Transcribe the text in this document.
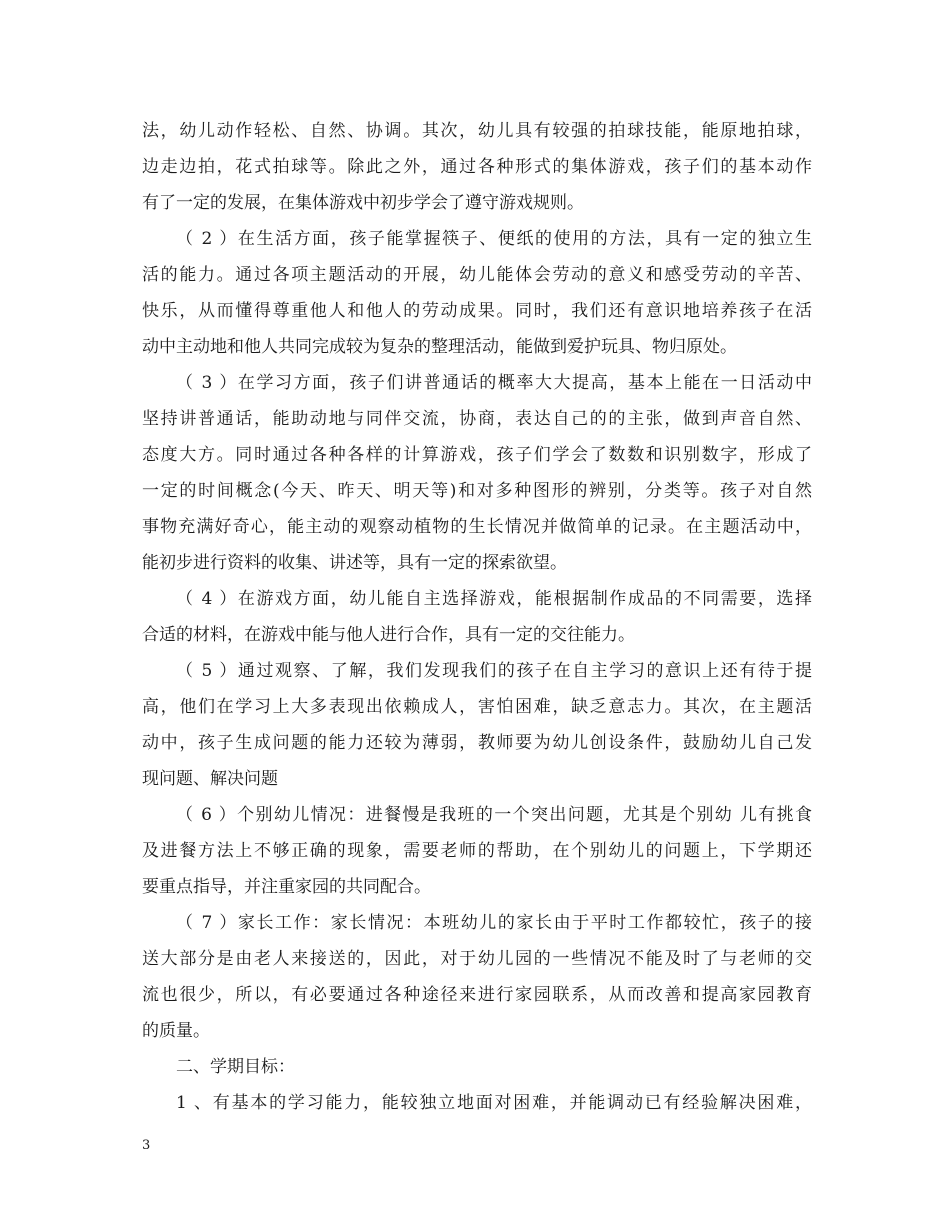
法，幼儿动作轻松、自然、协调。其次，幼儿具有较强的拍球技能，能原地拍球，
边走边拍，花式拍球等。除此之外，通过各种形式的集体游戏，孩子们的基本动作
有了一定的发展，在集体游戏中初步学会了遵守游戏规则。
（ 2 ）在生活方面，孩子能掌握筷子、便纸的使用的方法，具有一定的独立生
活的能力。通过各项主题活动的开展，幼儿能体会劳动的意义和感受劳动的辛苦、
快乐，从而懂得尊重他人和他人的劳动成果。同时，我们还有意识地培养孩子在活
动中主动地和他人共同完成较为复杂的整理活动，能做到爱护玩具、物归原处。
（ 3 ）在学习方面，孩子们讲普通话的概率大大提高，基本上能在一日活动中
坚持讲普通话，能助动地与同伴交流，协商，表达自己的的主张，做到声音自然、
态度大方。同时通过各种各样的计算游戏，孩子们学会了数数和识别数字，形成了
一定的时间概念(今天、昨天、明天等)和对多种图形的辨别，分类等。孩子对自然
事物充满好奇心，能主动的观察动植物的生长情况并做简单的记录。在主题活动中，
能初步进行资料的收集、讲述等，具有一定的探索欲望。
（ 4 ）在游戏方面，幼儿能自主选择游戏，能根据制作成品的不同需要，选择
合适的材料，在游戏中能与他人进行合作，具有一定的交往能力。
（ 5 ）通过观察、了解，我们发现我们的孩子在自主学习的意识上还有待于提
高，他们在学习上大多表现出依赖成人，害怕困难，缺乏意志力。其次，在主题活
动中，孩子生成问题的能力还较为薄弱，教师要为幼儿创设条件，鼓励幼儿自己发
现问题、解决问题
（ 6 ）个别幼儿情况：进餐慢是我班的一个突出问题，尤其是个别幼 儿有挑食
及进餐方法上不够正确的现象，需要老师的帮助，在个别幼儿的问题上，下学期还
要重点指导，并注重家园的共同配合。
（ 7 ）家长工作：家长情况：本班幼儿的家长由于平时工作都较忙，孩子的接
送大部分是由老人来接送的，因此，对于幼儿园的一些情况不能及时了与老师的交
流也很少，所以，有必要通过各种途径来进行家园联系，从而改善和提高家园教育
的质量。
二、学期目标：
1 、有基本的学习能力，能较独立地面对困难，并能调动已有经验解决困难，
3
